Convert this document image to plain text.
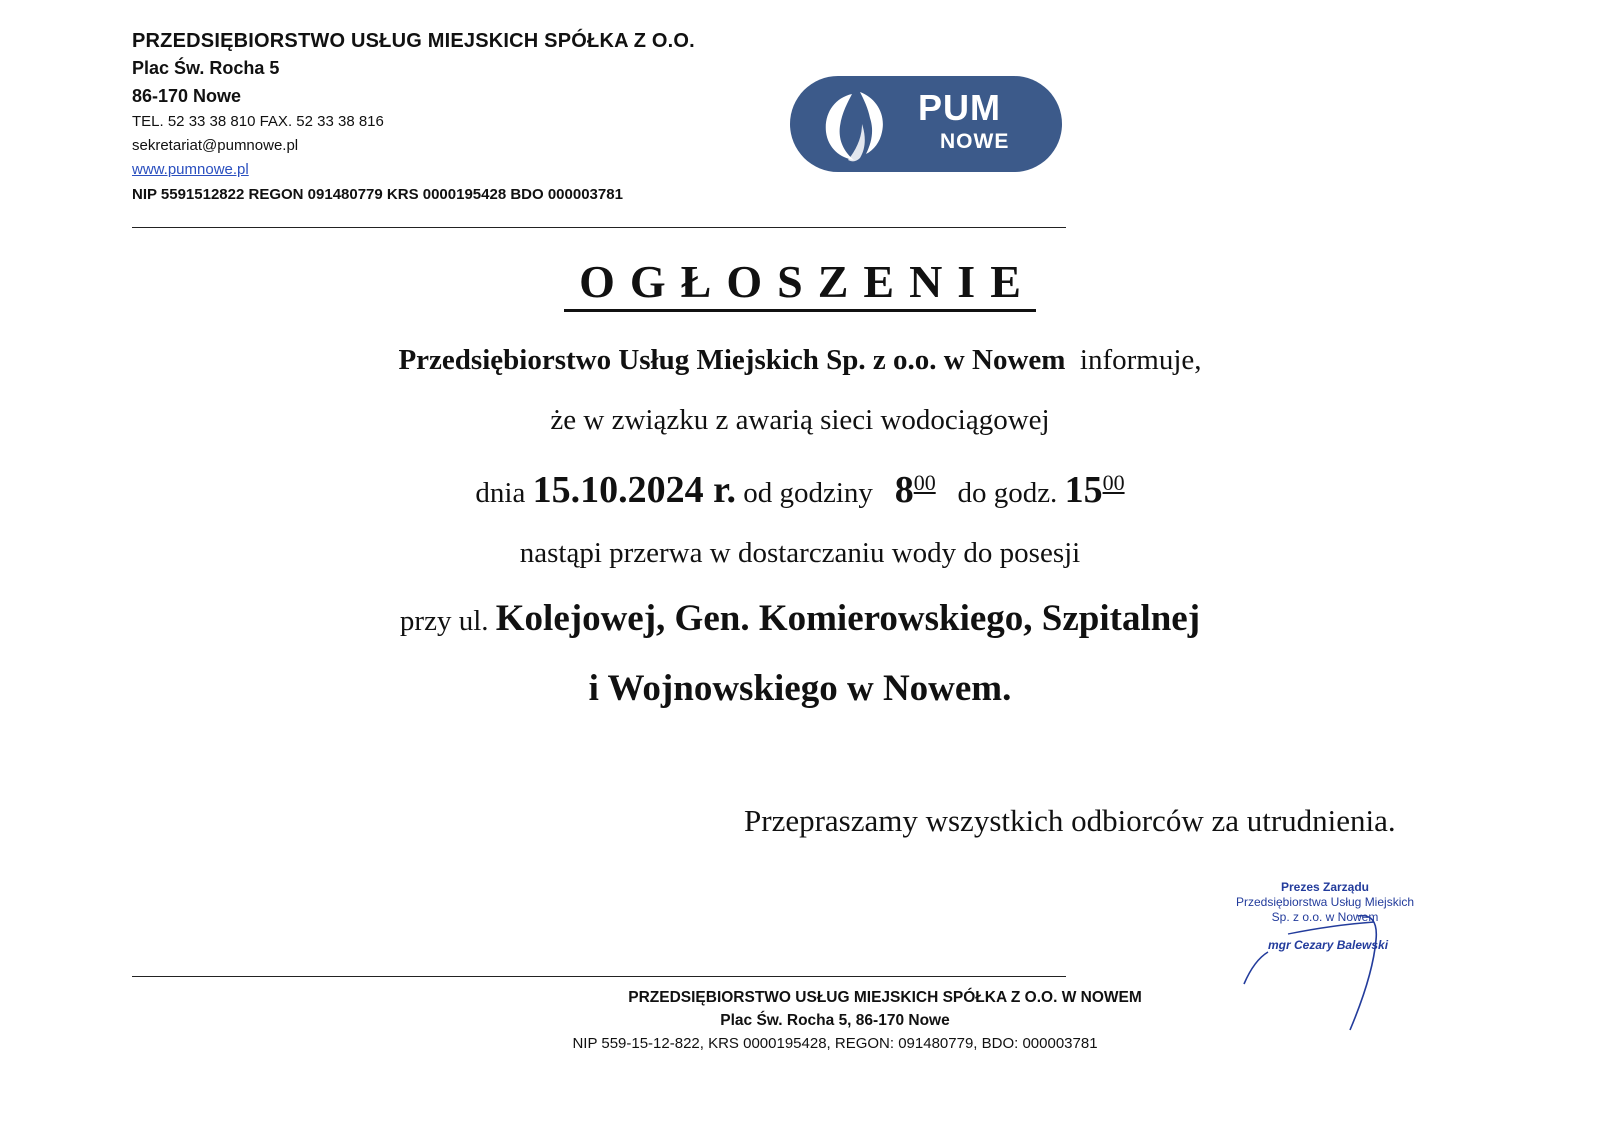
PRZEDSIĘBIORSTWO USŁUG MIEJSKICH SPÓŁKA Z O.O.
Plac Św. Rocha 5
86-170 Nowe
TEL. 52 33 38 810 FAX. 52 33 38 816
sekretariat@pumnowe.pl
www.pumnowe.pl
NIP 5591512822 REGON 091480779 KRS 0000195428 BDO 000003781
PUM
NOWE
OGŁOSZENIE
Przedsiębiorstwo Usług Miejskich Sp. z o.o. w Nowem informuje,
że w związku z awarią sieci wodociągowej
dnia 15.10.2024 r. od godziny $8^{00}$ do godz. $15^{00}$
nastąpi przerwa w dostarczaniu wody do posesji
przy ul. Kolejowej, Gen. Komierowskiego, Szpitalnej
i Wojnowskiego w Nowem.
Przepraszamy wszystkich odbiorców za utrudnienia.
Prezes Zarządu
Przedsiębiorstwa Usług Miejskich
Sp. z o.o. w Nowem
mgr Cezary Balewski
PRZEDSIĘBIORSTWO USŁUG MIEJSKICH SPÓŁKA Z O.O. W NOWEM
Plac Św. Rocha 5, 86-170 Nowe
NIP 559-15-12-822, KRS 0000195428, REGON: 091480779, BDO: 000003781
